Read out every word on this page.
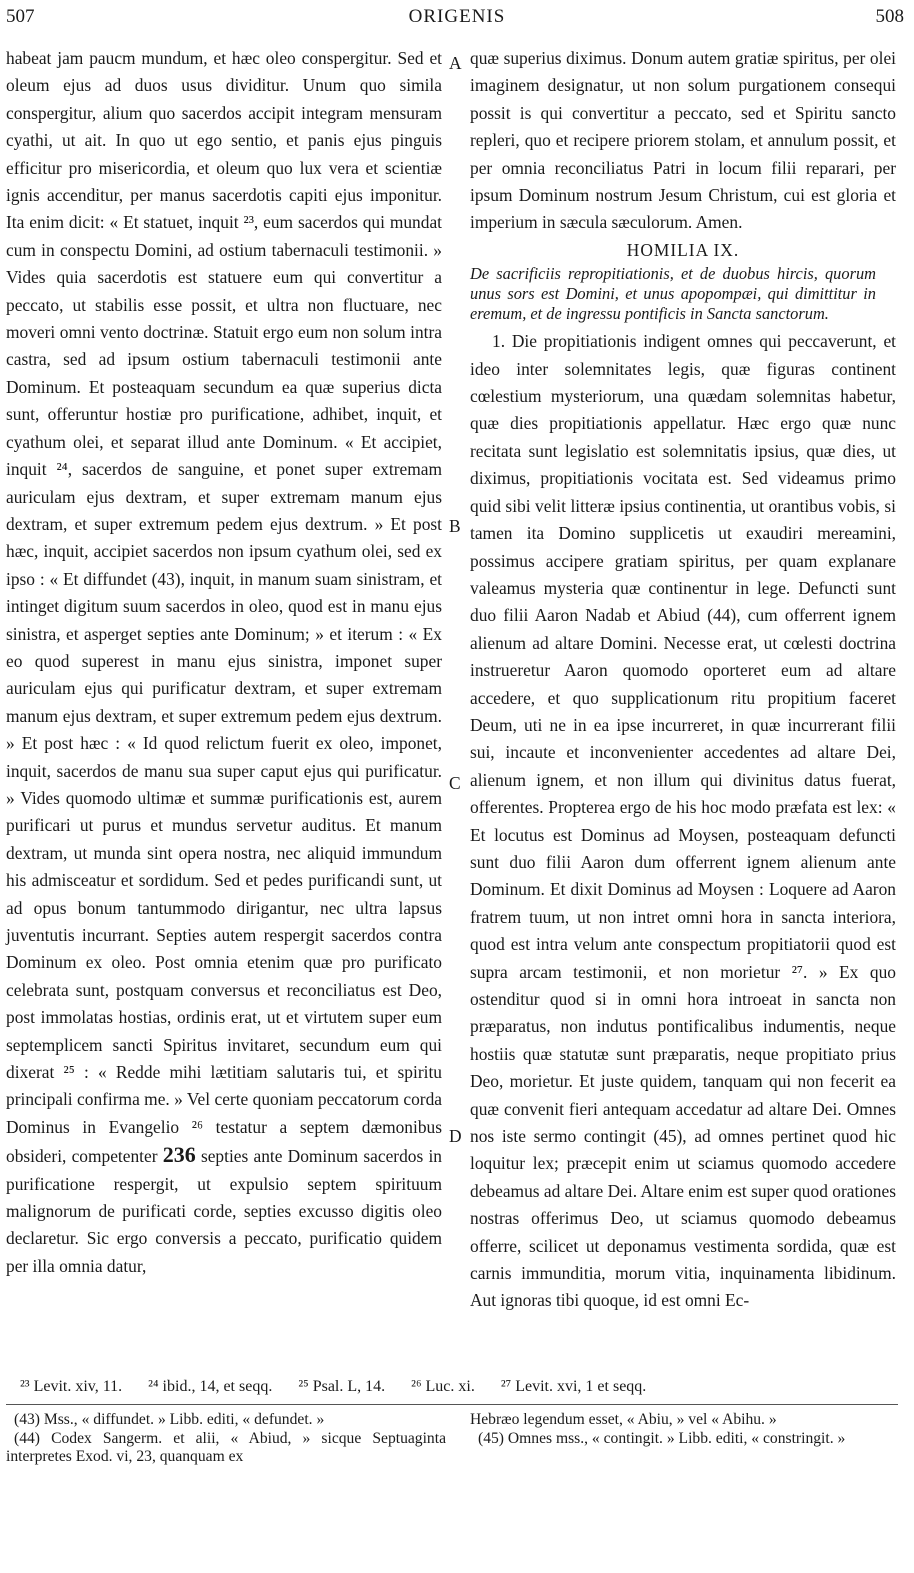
507	ORIGENIS	508

habeat jam paucm mundum, et hæc oleo conspergitur. Sed et oleum ejus ad duos usus dividitur. Unum quo simila conspergitur, alium quo sacerdos accipit integram mensuram cyathi, ut ait. In quo ut ego sentio, et panis ejus pinguis efficitur pro misericordia, et oleum quo lux vera et scientiæ ignis accenditur, per manus sacerdotis capiti ejus imponitur. Ita enim dicit: « Et statuet, inquit ²³, eum sacerdos qui mundat cum in conspectu Domini, ad ostium tabernaculi testimonii. » Vides quia sacerdotis est statuere eum qui convertitur a peccato, ut stabilis esse possit, et ultra non fluctuare, nec moveri omni vento doctrinæ. Statuit ergo eum non solum intra castra, sed ad ipsum ostium tabernaculi testimonii ante Dominum. Et posteaquam secundum ea quæ superius dicta sunt, offeruntur hostiæ pro purificatione, adhibet, inquit, et cyathum olei, et separat illud ante Dominum. « Et accipiet, inquit ²⁴, sacerdos de sanguine, et ponet super extremam auriculam ejus dextram, et super extremam manum ejus dextram, et super extremum pedem ejus dextrum. » Et post hæc, inquit, accipiet sacerdos non ipsum cyathum olei, sed ex ipso : « Et diffundet (43), inquit, in manum suam sinistram, et intinget digitum suum sacerdos in oleo, quod est in manu ejus sinistra, et asperget septies ante Dominum; » et iterum : « Ex eo quod superest in manu ejus sinistra, imponet super auriculam ejus qui purificatur dextram, et super extremam manum ejus dextram, et super extremum pedem ejus dextrum. » Et post hæc : « Id quod relictum fuerit ex oleo, imponet, inquit, sacerdos de manu sua super caput ejus qui purificatur. » Vides quomodo ultimæ et summæ purificationis est, aurem purificari ut purus et mundus servetur auditus. Et manum dextram, ut munda sint opera nostra, nec aliquid immundum his admisceatur et sordidum. Sed et pedes purificandi sunt, ut ad opus bonum tantummodo dirigantur, nec ultra lapsus juventutis incurrant. Septies autem respergit sacerdos contra Dominum ex oleo. Post omnia etenim quæ pro purificato celebrata sunt, postquam conversus et reconciliatus est Deo, post immolatas hostias, ordinis erat, ut et virtutem super eum septemplicem sancti Spiritus invitaret, secundum eum qui dixerat ²⁵ : « Redde mihi lætitiam salutaris tui, et spiritu principali confirma me. » Vel certe quoniam peccatorum corda Dominus in Evangelio ²⁶ testatur a septem dæmonibus obsideri, competenter 236 septies ante Dominum sacerdos in purificatione respergit, ut expulsio septem spirituum malignorum de purificati corde, septies excusso digitis oleo declaretur. Sic ergo conversis a peccato, purificatio quidem per illa omnia datur,

quæ superius diximus. Donum autem gratiæ spiritus, per olei imaginem designatur, ut non solum purgationem consequi possit is qui convertitur a peccato, sed et Spiritu sancto repleri, quo et recipere priorem stolam, et annulum possit, et per omnia reconciliatus Patri in locum filii reparari, per ipsum Dominum nostrum Jesum Christum, cui est gloria et imperium in sæcula sæculorum. Amen.

HOMILIA IX.

De sacrificiis repropitiationis, et de duobus hircis, quorum unus sors est Domini, et unus apopompæi, qui dimittitur in eremum, et de ingressu pontificis in Sancta sanctorum.

1. Die propitiationis indigent omnes qui peccaverunt, et ideo inter solemnitates legis, quæ figuras continent cœlestium mysteriorum, una quædam solemnitas habetur, quæ dies propitiationis appellatur. Hæc ergo quæ nunc recitata sunt legislatio est solemnitatis ipsius, quæ dies, ut diximus, propitiationis vocitata est. Sed videamus primo quid sibi velit litteræ ipsius continentia, ut orantibus vobis, si tamen ita Domino supplicetis ut exaudiri mereamini, possimus accipere gratiam spiritus, per quam explanare valeamus mysteria quæ continentur in lege. Defuncti sunt duo filii Aaron Nadab et Abiud (44), cum offerrent ignem alienum ad altare Domini. Necesse erat, ut cœlesti doctrina instrueretur Aaron quomodo oporteret eum ad altare accedere, et quo supplicationum ritu propitium faceret Deum, uti ne in ea ipse incurreret, in quæ incurrerant filii sui, incaute et inconvenienter accedentes ad altare Dei, alienum ignem, et non illum qui divinitus datus fuerat, offerentes. Propterea ergo de his hoc modo præfata est lex: « Et locutus est Dominus ad Moysen, posteaquam defuncti sunt duo filii Aaron dum offerrent ignem alienum ante Dominum. Et dixit Dominus ad Moysen : Loquere ad Aaron fratrem tuum, ut non intret omni hora in sancta interiora, quod est intra velum ante conspectum propitiatorii quod est supra arcam testimonii, et non morietur ²⁷. » Ex quo ostenditur quod si in omni hora introeat in sancta non præparatus, non indutus pontificalibus indumentis, neque hostiis quæ statutæ sunt præparatis, neque propitiato prius Deo, morietur. Et juste quidem, tanquam qui non fecerit ea quæ convenit fieri antequam accedatur ad altare Dei. Omnes nos iste sermo contingit (45), ad omnes pertinet quod hic loquitur lex; præcepit enim ut sciamus quomodo accedere debeamus ad altare Dei. Altare enim est super quod orationes nostras offerimus Deo, ut sciamus quomodo debeamus offerre, scilicet ut deponamus vestimenta sordida, quæ est carnis immunditia, morum vitia, inquinamenta libidinum. Aut ignoras tibi quoque, id est omni Ec-

A
B
C
D
²³ Levit. xiv, 11. ²⁴ ibid., 14, et seqq. ²⁵ Psal. L, 14. ²⁶ Luc. xi. ²⁷ Levit. xvi, 1 et seqq.

(43) Mss., « diffundet. » Libb. editi, « defundet. »

(44) Codex Sangerm. et alii, « Abiud, » sicque Septuaginta interpretes Exod. vi, 23, quanquam ex

Hebræo legendum esset, « Abiu, » vel « Abihu. »

(45) Omnes mss., « contingit. » Libb. editi, « constringit. »
